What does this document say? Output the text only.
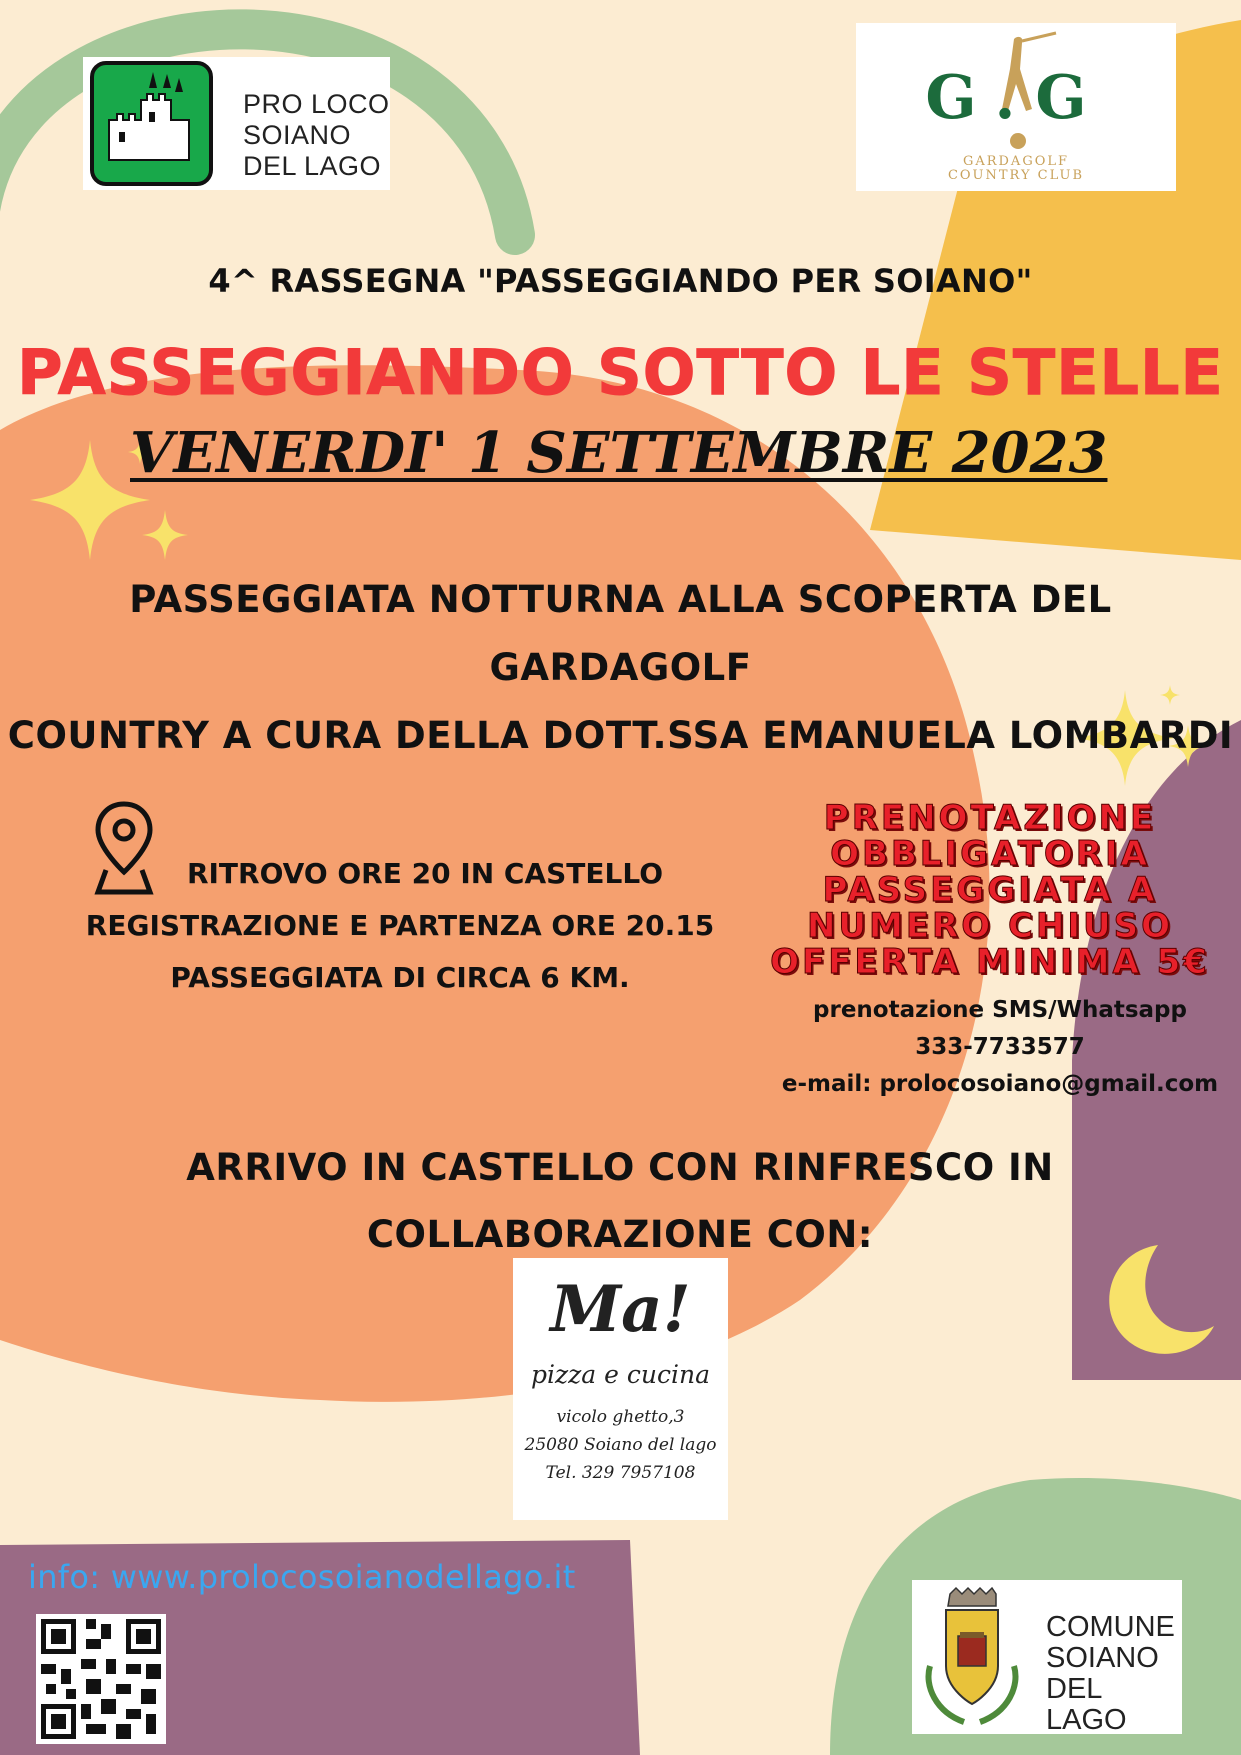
PRO LOCO
SOIANO
DEL LAGO
G.G
GARDAGOLF
COUNTRY CLUB
4^ RASSEGNA "PASSEGGIANDO PER SOIANO"
PASSEGGIANDO SOTTO LE STELLE
VENERDI' 1 SETTEMBRE 2023
PASSEGGIATA NOTTURNA ALLA SCOPERTA DEL GARDAGOLF
COUNTRY A CURA DELLA DOTT.SSA EMANUELA LOMBARDI
RITROVO ORE 20 IN CASTELLO
REGISTRAZIONE E PARTENZA ORE 20.15
PASSEGGIATA DI CIRCA 6 KM.
PRENOTAZIONE
OBBLIGATORIA
PASSEGGIATA A
NUMERO CHIUSO
OFFERTA MINIMA 5€
prenotazione SMS/Whatsapp
333-7733577
e-mail: prolocosoiano@gmail.com
ARRIVO IN CASTELLO CON RINFRESCO IN
COLLABORAZIONE CON:
Ma!
pizza e cucina
vicolo ghetto,3
25080 Soiano del lago
Tel. 329 7957108
info: www.prolocosoianodellago.it
COMUNE
SOIANO
DEL LAGO
